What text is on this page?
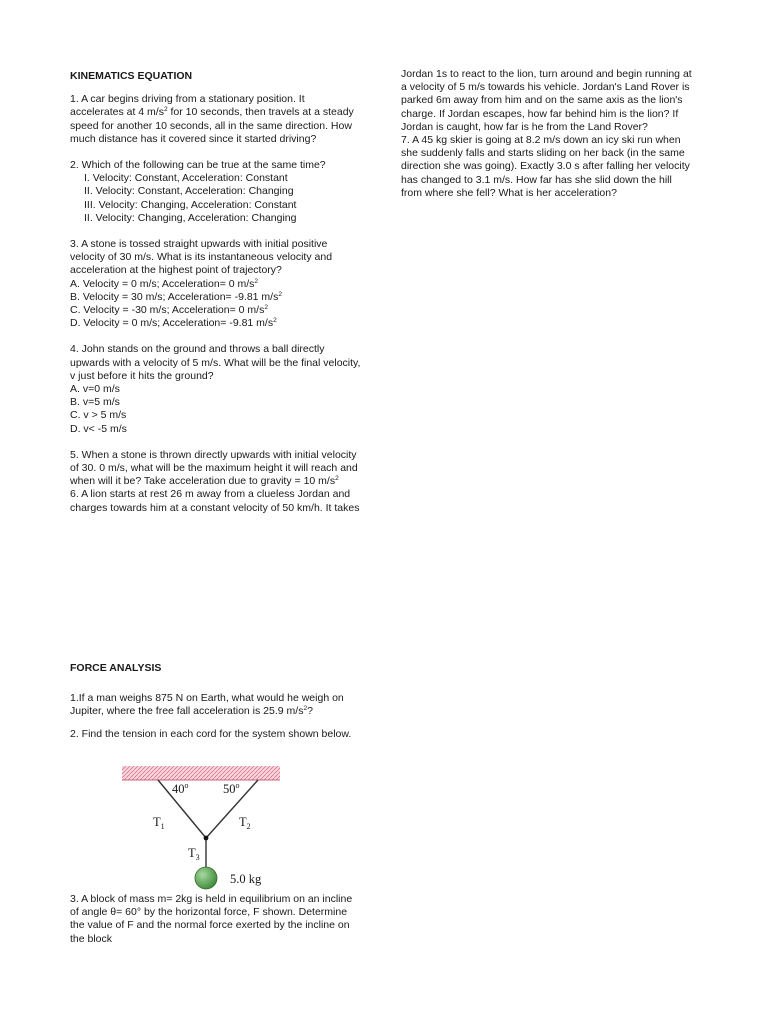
KINEMATICS EQUATION
1. A car begins driving from a stationary position. It
accelerates at 4 $m/s^2$ for 10 seconds, then travels at a steady
speed for another 10 seconds, all in the same direction. How
much distance has it covered since it started driving?
2. Which of the following can be true at the same time?
I. Velocity: Constant, Acceleration: Constant
II. Velocity: Constant, Acceleration: Changing
III. Velocity: Changing, Acceleration: Constant
II. Velocity: Changing, Acceleration: Changing
3. A stone is tossed straight upwards with initial positive
velocity of 30 m/s. What is its instantaneous velocity and
acceleration at the highest point of trajectory?
A. Velocity = 0 m/s; Acceleration= 0 $m/s^2$
B. Velocity = 30 m/s; Acceleration= -9.81 $m/s^2$
C. Velocity = -30 m/s; Acceleration= 0 $m/s^2$
D. Velocity = 0 m/s; Acceleration= -9.81 $m/s^2$
4. John stands on the ground and throws a ball directly
upwards with a velocity of 5 m/s. What will be the final velocity,
v just before it hits the ground?
A. v=0 m/s
B. v=5 m/s
C. v > 5 m/s
D. v< -5 m/s
5. When a stone is thrown directly upwards with initial velocity
of 30. 0 m/s, what will be the maximum height it will reach and
when will it be? Take acceleration due to gravity = 10 $m/s^2$
6. A lion starts at rest 26 m away from a clueless Jordan and
charges towards him at a constant velocity of 50 km/h. It takes
Jordan 1s to react to the lion, turn around and begin running at
a velocity of 5 m/s towards his vehicle. Jordan's Land Rover is
parked 6m away from him and on the same axis as the lion's
charge. If Jordan escapes, how far behind him is the lion? If
Jordan is caught, how far is he from the Land Rover?
7. A 45 kg skier is going at 8.2 m/s down an icy ski run when
she suddenly falls and starts sliding on her back (in the same
direction she was going). Exactly 3.0 s after falling her velocity
has changed to 3.1 m/s. How far has she slid down the hill
from where she fell? What is her acceleration?
FORCE ANALYSIS
1.If a man weighs 875 N on Earth, what would he weigh on
Jupiter, where the free fall acceleration is 25.9 $m/s^2$?
2. Find the tension in each cord for the system shown below.
40$^o$	50$^o$
$T_1$	$T_2$
$T_3$
5.0 kg
3. A block of mass m= 2kg is held in equilibrium on an incline
of angle θ= 60° by the horizontal force, F shown. Determine
the value of F and the normal force exerted by the incline on
the block
